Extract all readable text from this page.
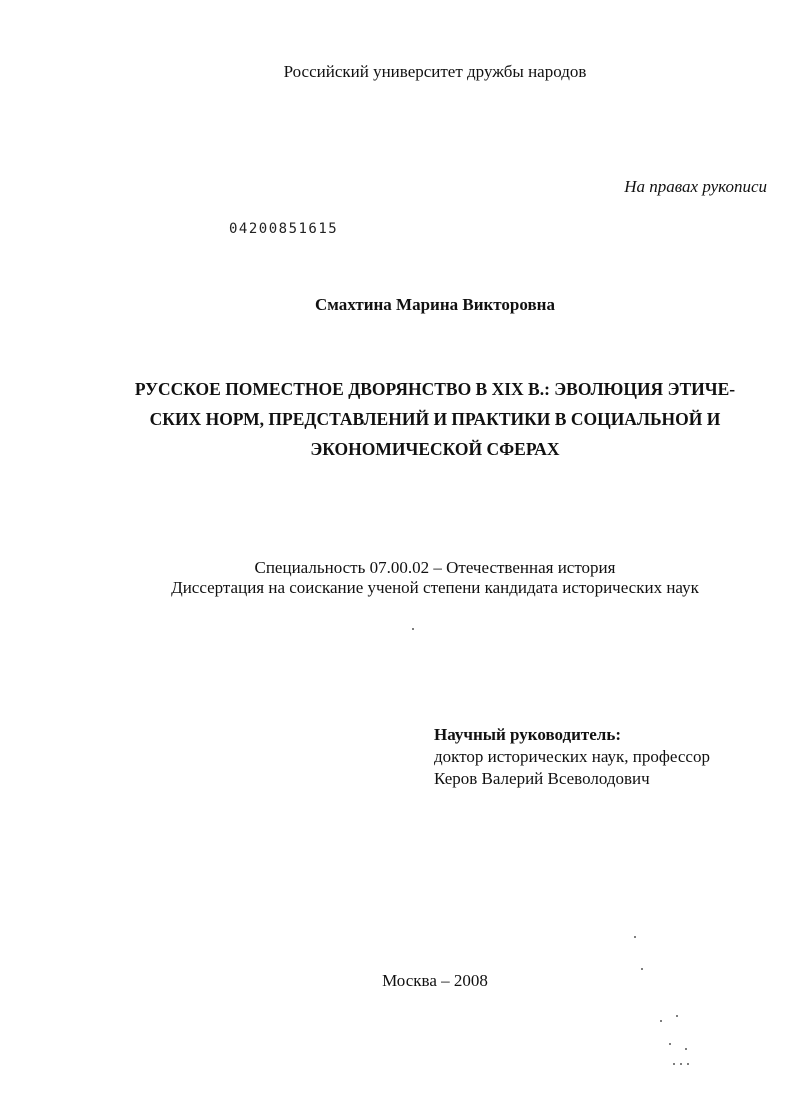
Российский университет дружбы народов
На правах рукописи
04200851615
Смахтина Марина Викторовна
РУССКОЕ ПОМЕСТНОЕ ДВОРЯНСТВО В XIX В.: ЭВОЛЮЦИЯ ЭТИЧЕ-
СКИХ НОРМ, ПРЕДСТАВЛЕНИЙ И ПРАКТИКИ В СОЦИАЛЬНОЙ И
ЭКОНОМИЧЕСКОЙ СФЕРАХ
Специальность 07.00.02 – Отечественная история
Диссертация на соискание ученой степени кандидата исторических наук
Научный руководитель:
доктор исторических наук, профессор
Керов Валерий Всеволодович
Москва – 2008
